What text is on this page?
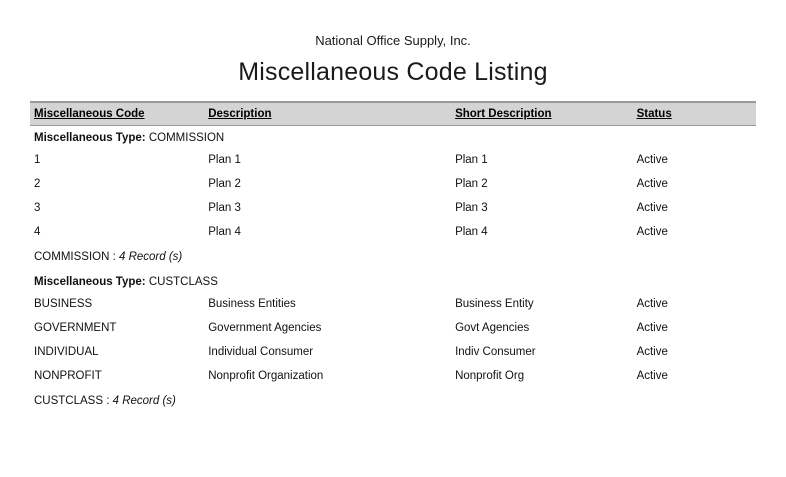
National Office Supply, Inc.
Miscellaneous Code Listing
Miscellaneous Code	Description	Short Description	Status
Miscellaneous Type: COMMISSION			
1	Plan 1	Plan 1	Active
2	Plan 2	Plan 2	Active
3	Plan 3	Plan 3	Active
4	Plan 4	Plan 4	Active
COMMISSION : 4 Record (s)			
Miscellaneous Type: CUSTCLASS			
BUSINESS	Business Entities	Business Entity	Active
GOVERNMENT	Government Agencies	Govt Agencies	Active
INDIVIDUAL	Individual Consumer	Indiv Consumer	Active
NONPROFIT	Nonprofit Organization	Nonprofit Org	Active
CUSTCLASS : 4 Record (s)			
